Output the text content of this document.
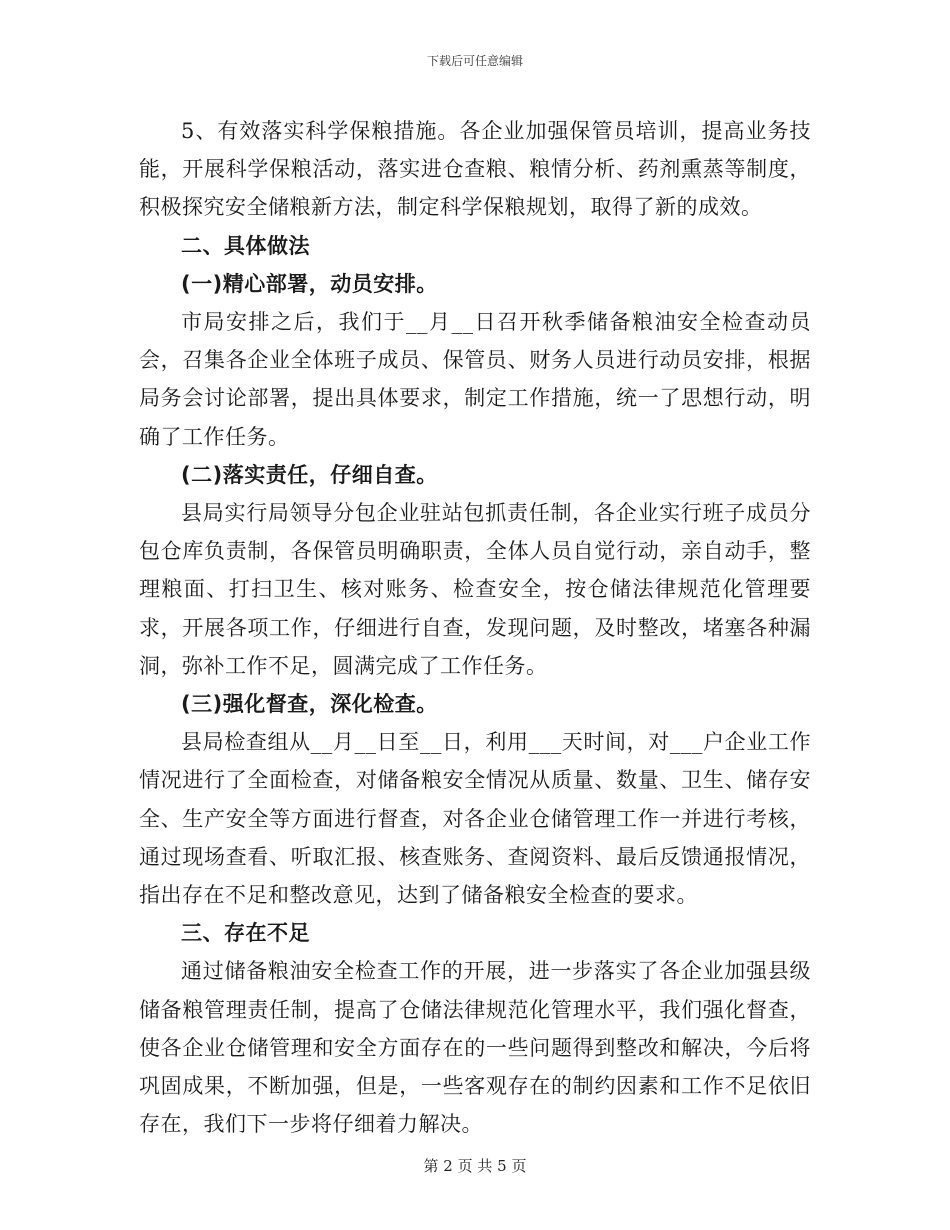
下载后可任意编辑

5、有效落实科学保粮措施。各企业加强保管员培训，提高业务技能，开展科学保粮活动，落实进仓查粮、粮情分析、药剂熏蒸等制度，积极探究安全储粮新方法，制定科学保粮规划，取得了新的成效。

二、具体做法

(一)精心部署，动员安排。

市局安排之后，我们于__月__日召开秋季储备粮油安全检查动员会，召集各企业全体班子成员、保管员、财务人员进行动员安排，根据局务会讨论部署，提出具体要求，制定工作措施，统一了思想行动，明确了工作任务。

(二)落实责任，仔细自查。

县局实行局领导分包企业驻站包抓责任制，各企业实行班子成员分包仓库负责制，各保管员明确职责，全体人员自觉行动，亲自动手，整理粮面、打扫卫生、核对账务、检查安全，按仓储法律规范化管理要求，开展各项工作，仔细进行自查，发现问题，及时整改，堵塞各种漏洞，弥补工作不足，圆满完成了工作任务。

(三)强化督查，深化检查。

县局检查组从__月__日至__日，利用___天时间，对___户企业工作情况进行了全面检查，对储备粮安全情况从质量、数量、卫生、储存安全、生产安全等方面进行督查，对各企业仓储管理工作一并进行考核，通过现场查看、听取汇报、核查账务、查阅资料、最后反馈通报情况，指出存在不足和整改意见，达到了储备粮安全检查的要求。

三、存在不足

通过储备粮油安全检查工作的开展，进一步落实了各企业加强县级储备粮管理责任制，提高了仓储法律规范化管理水平，我们强化督查，使各企业仓储管理和安全方面存在的一些问题得到整改和解决，今后将巩固成果，不断加强，但是，一些客观存在的制约因素和工作不足依旧存在，我们下一步将仔细着力解决。

第 2 页 共 5 页
